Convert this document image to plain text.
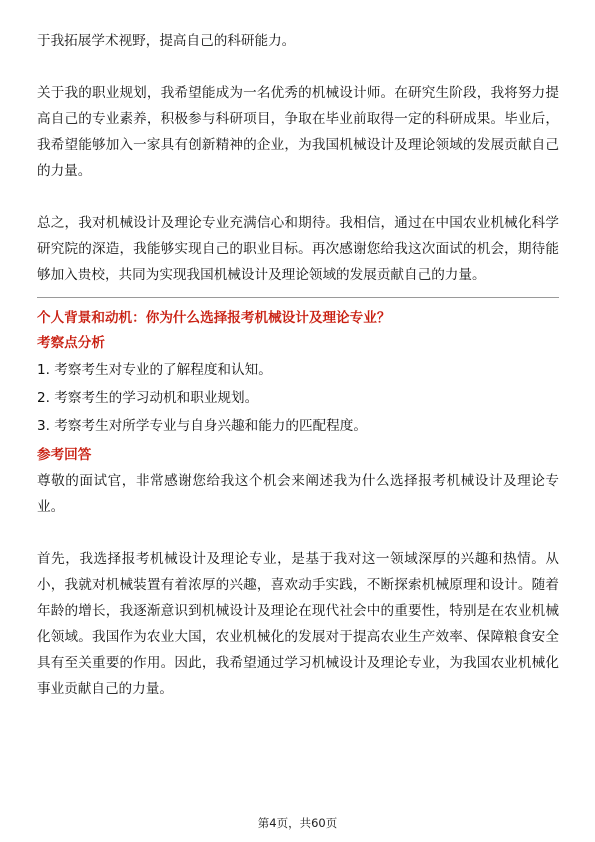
于我拓展学术视野，提高自己的科研能力。

关于我的职业规划，我希望能成为一名优秀的机械设计师。在研究生阶段，我将努力提高自己的专业素养，积极参与科研项目，争取在毕业前取得一定的科研成果。毕业后，我希望能够加入一家具有创新精神的企业，为我国机械设计及理论领域的发展贡献自己的力量。

总之，我对机械设计及理论专业充满信心和期待。我相信，通过在中国农业机械化科学研究院的深造，我能够实现自己的职业目标。再次感谢您给我这次面试的机会，期待能够加入贵校，共同为实现我国机械设计及理论领域的发展贡献自己的力量。

个人背景和动机：你为什么选择报考机械设计及理论专业？

考察点分析

1. 考察考生对专业的了解程度和认知。
2. 考察考生的学习动机和职业规划。
3. 考察考生对所学专业与自身兴趣和能力的匹配程度。

参考回答

尊敬的面试官，非常感谢您给我这个机会来阐述我为什么选择报考机械设计及理论专业。

首先，我选择报考机械设计及理论专业，是基于我对这一领域深厚的兴趣和热情。从小，我就对机械装置有着浓厚的兴趣，喜欢动手实践，不断探索机械原理和设计。随着年龄的增长，我逐渐意识到机械设计及理论在现代社会中的重要性，特别是在农业机械化领域。我国作为农业大国，农业机械化的发展对于提高农业生产效率、保障粮食安全具有至关重要的作用。因此，我希望通过学习机械设计及理论专业，为我国农业机械化事业贡献自己的力量。

第4页，共60页
